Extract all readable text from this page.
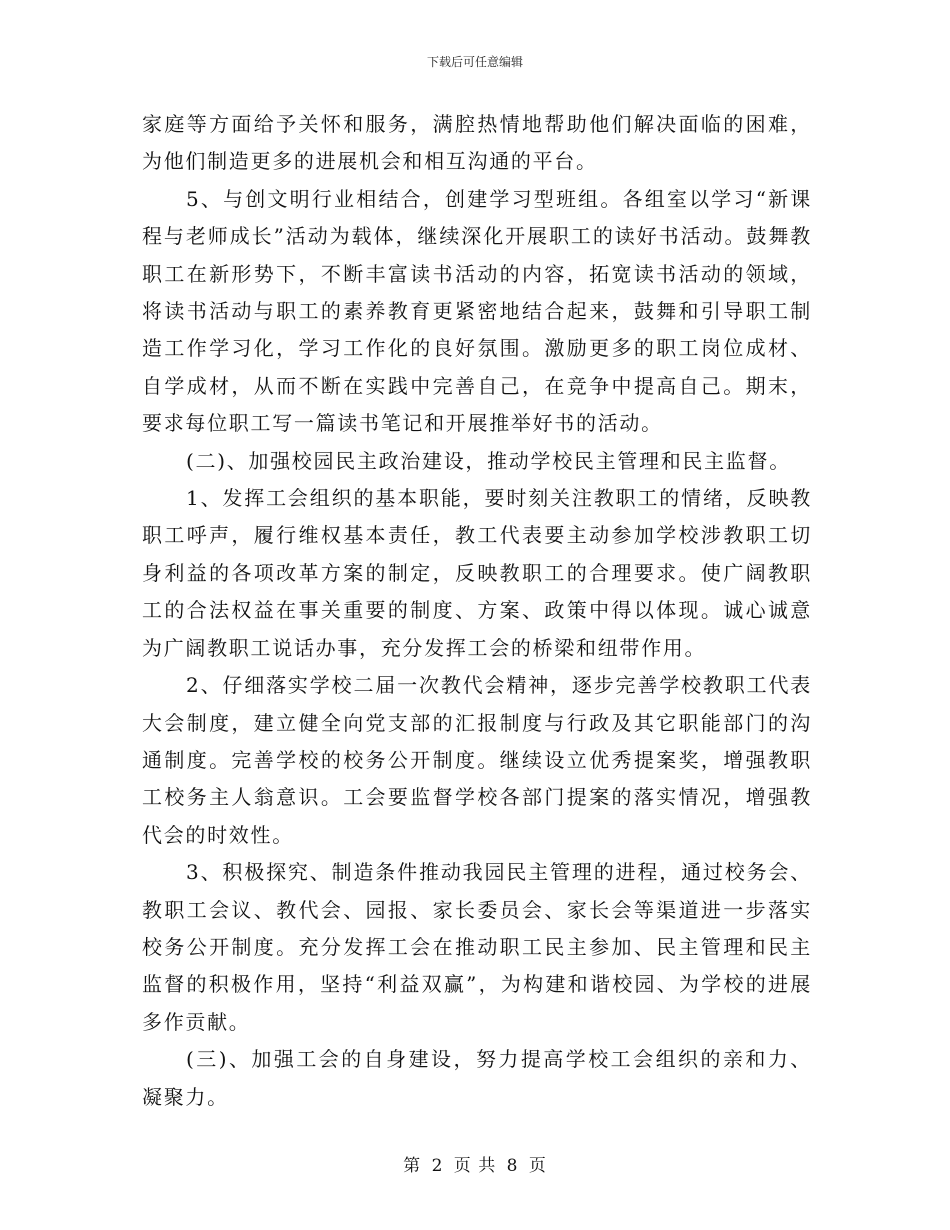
下载后可任意编辑

家庭等方面给予关怀和服务，满腔热情地帮助他们解决面临的困难，为他们制造更多的进展机会和相互沟通的平台。

5、与创文明行业相结合，创建学习型班组。各组室以学习“新课程与老师成长”活动为载体，继续深化开展职工的读好书活动。鼓舞教职工在新形势下，不断丰富读书活动的内容，拓宽读书活动的领域，将读书活动与职工的素养教育更紧密地结合起来，鼓舞和引导职工制造工作学习化，学习工作化的良好氛围。激励更多的职工岗位成材、自学成材，从而不断在实践中完善自己，在竞争中提高自己。期末，要求每位职工写一篇读书笔记和开展推举好书的活动。

(二)、加强校园民主政治建设，推动学校民主管理和民主监督。

1、发挥工会组织的基本职能，要时刻关注教职工的情绪，反映教职工呼声，履行维权基本责任，教工代表要主动参加学校涉教职工切身利益的各项改革方案的制定，反映教职工的合理要求。使广阔教职工的合法权益在事关重要的制度、方案、政策中得以体现。诚心诚意为广阔教职工说话办事，充分发挥工会的桥梁和纽带作用。

2、仔细落实学校二届一次教代会精神，逐步完善学校教职工代表大会制度，建立健全向党支部的汇报制度与行政及其它职能部门的沟通制度。完善学校的校务公开制度。继续设立优秀提案奖，增强教职工校务主人翁意识。工会要监督学校各部门提案的落实情况，增强教代会的时效性。

3、积极探究、制造条件推动我园民主管理的进程，通过校务会、教职工会议、教代会、园报、家长委员会、家长会等渠道进一步落实校务公开制度。充分发挥工会在推动职工民主参加、民主管理和民主监督的积极作用，坚持“利益双赢”，为构建和谐校园、为学校的进展多作贡献。

(三)、加强工会的自身建设，努力提高学校工会组织的亲和力、凝聚力。

第 2 页 共 8 页
